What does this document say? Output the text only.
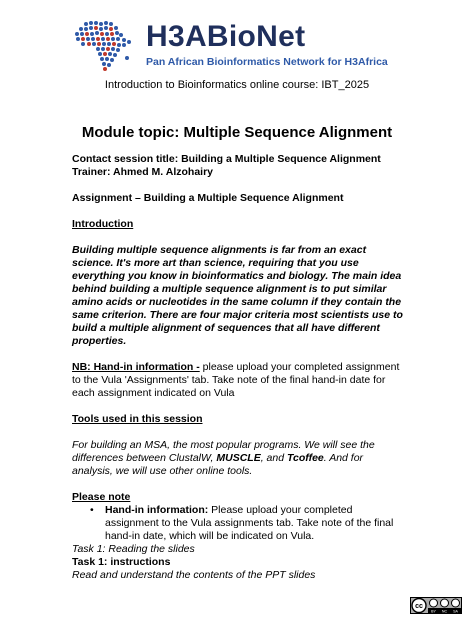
H3ABioNet
Pan African Bioinformatics Network for H3Africa
Introduction to Bioinformatics online course: IBT_2025
Module topic: Multiple Sequence Alignment

Contact session title: Building a Multiple Sequence Alignment

Trainer: Ahmed M. Alzohairy

Assignment – Building a Multiple Sequence Alignment

Introduction

Building multiple sequence alignments is far from an exact science. It's more art than science, requiring that you use everything you know in bioinformatics and biology. The main idea behind building a multiple sequence alignment is to put similar amino acids or nucleotides in the same column if they contain the same criterion. There are four major criteria most scientists use to build a multiple alignment of sequences that all have different properties.

NB: Hand-in information - please upload your completed assignment to the Vula 'Assignments' tab. Take note of the final hand-in date for each assignment indicated on Vula

Tools used in this session

For building an MSA, the most popular programs. We will see the differences between ClustalW, MUSCLE, and Tcoffee. And for analysis, we will use other online tools.

Please note

• Hand-in information: Please upload your completed assignment to the Vula assignments tab. Take note of the final hand-in date, which will be indicated on Vula.

Task 1: Reading the slides

Task 1: instructions

Read and understand the contents of the PPT slides

cc
BY NC SA
